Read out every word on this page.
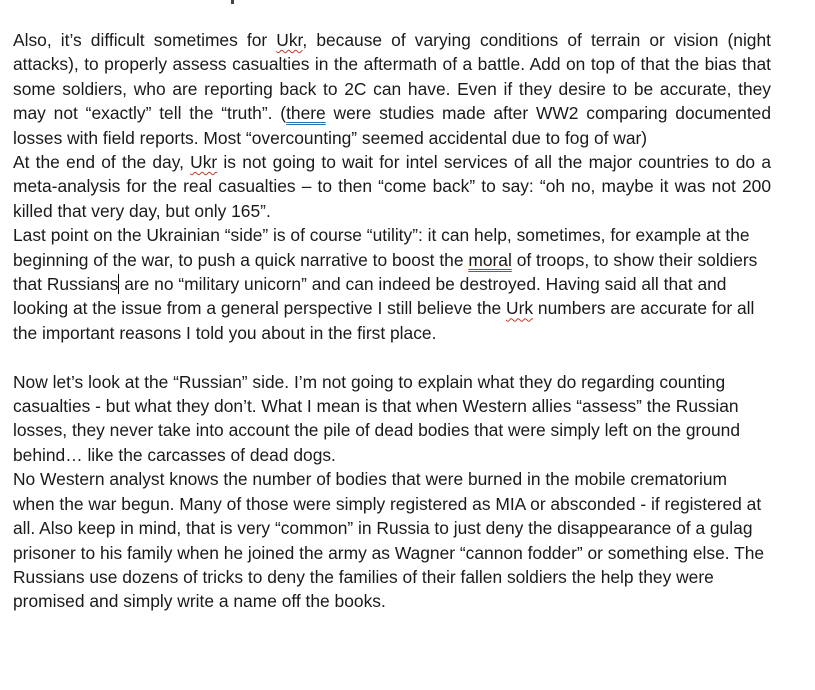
Also, it’s difficult sometimes for Ukr, because of varying conditions of terrain or vision (night attacks), to properly assess casualties in the aftermath of a battle. Add on top of that the bias that some soldiers, who are reporting back to 2C can have. Even if they desire to be accurate, they may not “exactly” tell the “truth”. (there were studies made after WW2 comparing documented losses with field reports. Most “overcounting” seemed accidental due to fog of war)

At the end of the day, Ukr is not going to wait for intel services of all the major countries to do a meta-analysis for the real casualties – to then “come back” to say: “oh no, maybe it was not 200 killed that very day, but only 165”.

Last point on the Ukrainian “side” is of course “utility”: it can help, sometimes, for example at the beginning of the war, to push a quick narrative to boost the moral of troops, to show their soldiers that Russians are no “military unicorn” and can indeed be destroyed. Having said all that and looking at the issue from a general perspective I still believe the Urk numbers are accurate for all the important reasons I told you about in the first place.

Now let’s look at the “Russian” side. I’m not going to explain what they do regarding counting casualties - but what they don’t. What I mean is that when Western allies “assess” the Russian losses, they never take into account the pile of dead bodies that were simply left on the ground behind… like the carcasses of dead dogs.

No Western analyst knows the number of bodies that were burned in the mobile crematorium when the war begun. Many of those were simply registered as MIA or absconded - if registered at all. Also keep in mind, that is very “common” in Russia to just deny the disappearance of a gulag prisoner to his family when he joined the army as Wagner “cannon fodder” or something else. The Russians use dozens of tricks to deny the families of their fallen soldiers the help they were promised and simply write a name off the books.
